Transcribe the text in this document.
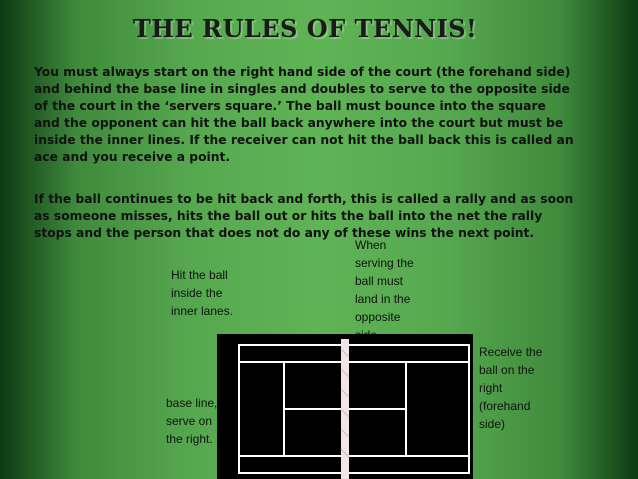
THE RULES OF TENNIS!
You must always start on the right hand side of the court (the forehand side) and behind the base line in singles and doubles to serve to the opposite side of the court in the ‘servers square.’ The ball must bounce into the square and the opponent can hit the ball back anywhere into the court but must be inside the inner lines. If the receiver can not hit the ball back this is called an ace and you receive a point.
If the ball continues to be hit back and forth, this is called a rally and as soon as someone misses, hits the ball out or hits the ball into the net the rally stops and the person that does not do any of these wins the next point.
Hit the ball inside the inner lanes.
When serving the ball must land in the opposite
Receive the ball on the right (forehand side)
base line, serve on the right.
